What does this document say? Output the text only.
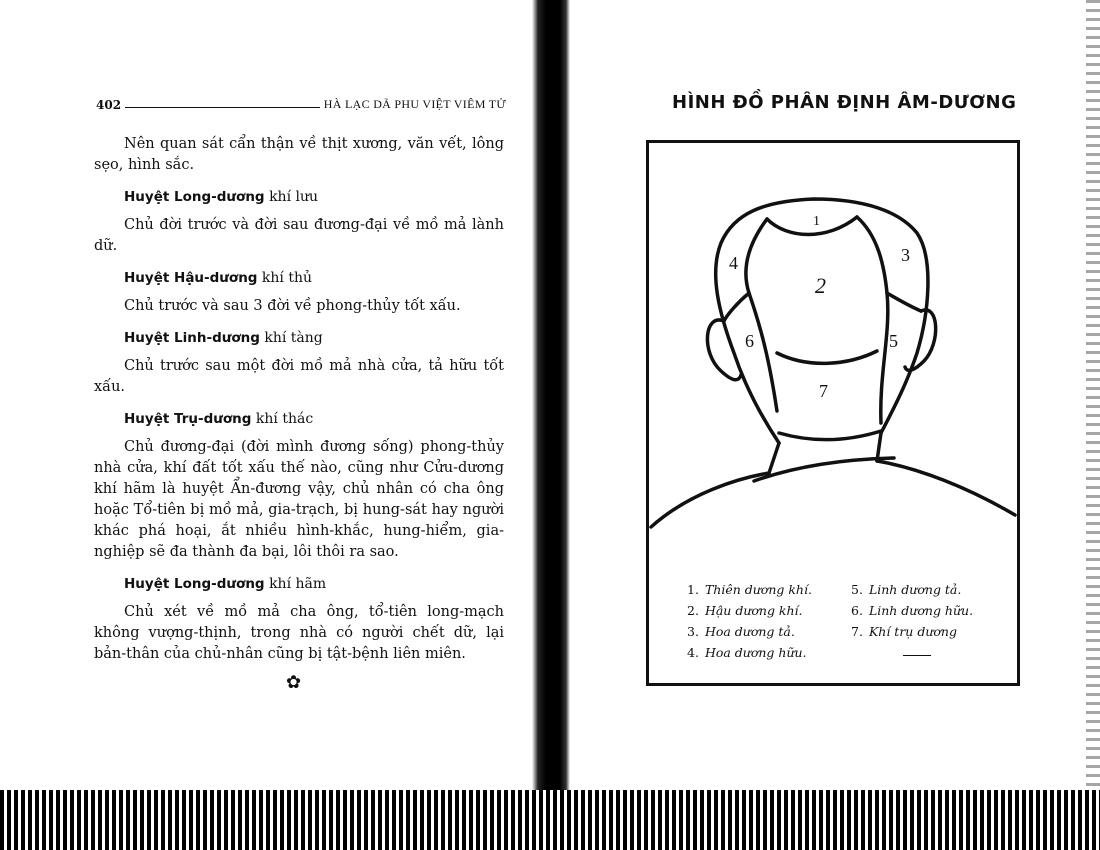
402	HÀ LẠC DÃ PHU VIỆT VIÊM TỬ

Nên quan sát cẩn thận về thịt xương, văn vết, lông sẹo, hình sắc.

Huyệt Long-dương khí lưu

Chủ đời trước và đời sau đương-đại về mồ mả lành dữ.

Huyệt Hậu-dương khí thủ

Chủ trước và sau 3 đời về phong-thủy tốt xấu.

Huyệt Linh-dương khí tàng

Chủ trước sau một đời mồ mả nhà cửa, tả hữu tốt xấu.

Huyệt Trụ-dương khí thác

Chủ đương-đại (đời mình đương sống) phong-thủy nhà cửa, khí đất tốt xấu thế nào, cũng như Cửu-dương khí hãm là huyệt Ẩn-đương vậy, chủ nhân có cha ông hoặc Tổ-tiên bị mồ mả, gia-trạch, bị hung-sát hay người khác phá hoại, ắt nhiều hình-khắc, hung-hiểm, gia-nghiệp sẽ đa thành đa bại, lôi thôi ra sao.

Huyệt Long-dương khí hãm

Chủ xét về mồ mả cha ông, tổ-tiên long-mạch không vượng-thịnh, trong nhà có người chết dữ, lại bản-thân của chủ-nhân cũng bị tật-bệnh liên miên.

✿
HÌNH ĐỒ PHÂN ĐỊNH ÂM-DƯƠNG
1
2
3
4
5
6
7
1. Thiên dương khí.	5. Linh dương tả.
2. Hậu dương khí.	6. Linh dương hữu.
3. Hoa dương tả.	7. Khí trụ dương
4. Hoa dương hữu.
